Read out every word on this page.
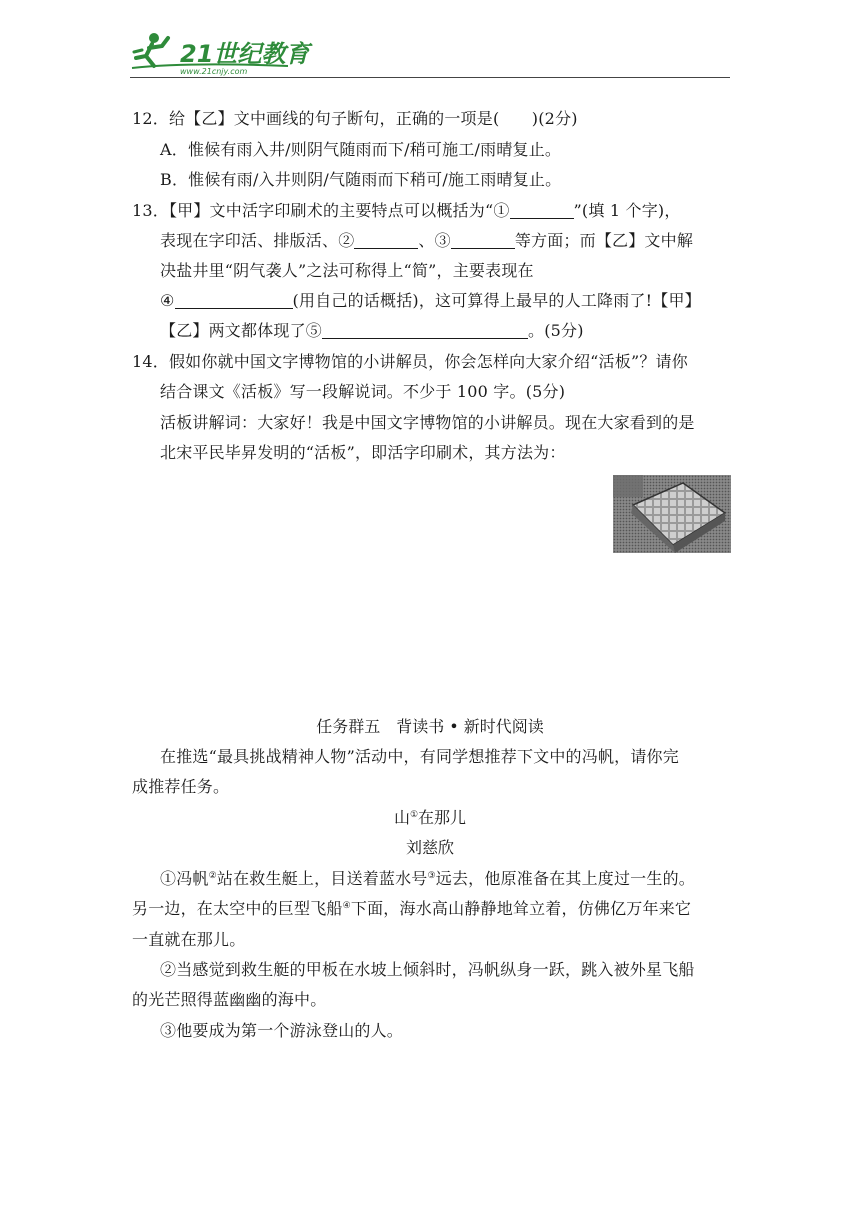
21世纪教育
www.21cnjy.com
12．给【乙】文中画线的句子断句，正确的一项是(　　)(2分)
A．惟候有雨入井/则阴气随雨而下/稍可施工/雨晴复止。
B．惟候有雨/入井则阴/气随雨而下稍可/施工雨晴复止。
13．【甲】文中活字印刷术的主要特点可以概括为“①	”(填 1 个字)，
表现在字印活、排版活、②	、③	等方面；而【乙】文中解
决盐井里“阴气袭人”之法可称得上“简”，主要表现在
④	(用自己的话概括)，这可算得上最早的人工降雨了!【甲】
【乙】两文都体现了⑤	。(5分)
14．假如你就中国文字博物馆的小讲解员，你会怎样向大家介绍“活板”？请你
结合课文《活板》写一段解说词。不少于 100 字。(5分)
活板讲解词：大家好！我是中国文字博物馆的小讲解员。现在大家看到的是
北宋平民毕昇发明的“活板”，即活字印刷术，其方法为：
任务群五　背读书 • 新时代阅读
在推选“最具挑战精神人物”活动中，有同学想推荐下文中的冯帆，请你完
成推荐任务。
山①在那儿
刘慈欣
①冯帆②站在救生艇上，目送着蓝水号③远去，他原准备在其上度过一生的。
另一边，在太空中的巨型飞船④下面，海水高山静静地耸立着，仿佛亿万年来它
一直就在那儿。
②当感觉到救生艇的甲板在水坡上倾斜时，冯帆纵身一跃，跳入被外星飞船
的光芒照得蓝幽幽的海中。
③他要成为第一个游泳登山的人。
